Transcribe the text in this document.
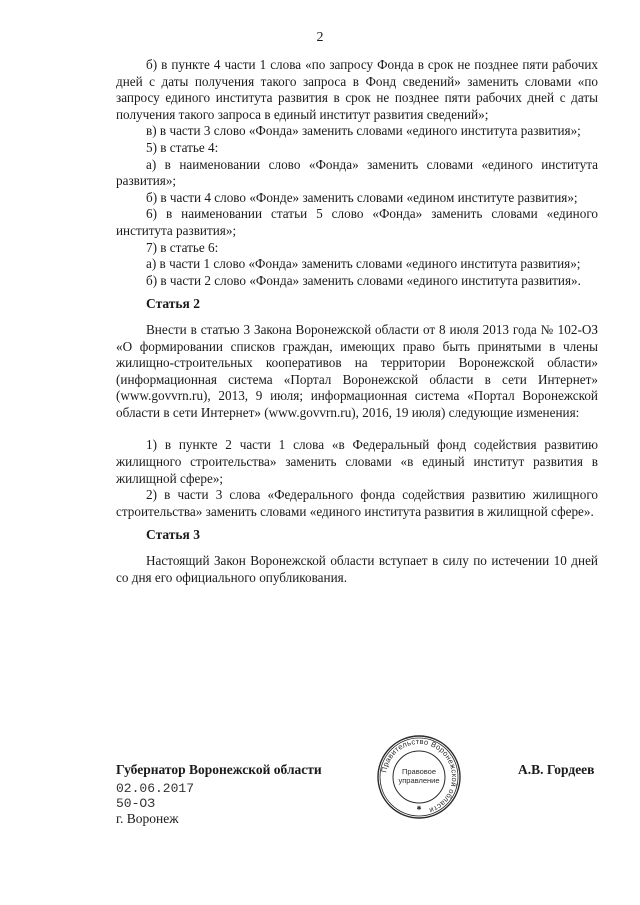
2

б) в пункте 4 части 1 слова «по запросу Фонда в срок не позднее пяти рабочих дней с даты получения такого запроса в Фонд сведений» заменить словами «по запросу единого института развития в срок не позднее пяти рабочих дней с даты получения такого запроса в единый институт развития сведений»;

в) в части 3 слово «Фонда» заменить словами «единого института развития»;

5) в статье 4:

а) в наименовании слово «Фонда» заменить словами «единого института развития»;

б) в части 4 слово «Фонде» заменить словами «едином институте развития»;

6) в наименовании статьи 5 слово «Фонда» заменить словами «единого института развития»;

7) в статье 6:

а) в части 1 слово «Фонда» заменить словами «единого института развития»;

б) в части 2 слово «Фонда» заменить словами «единого института развития».

Статья 2

Внести в статью 3 Закона Воронежской области от 8 июля 2013 года № 102-ОЗ «О формировании списков граждан, имеющих право быть принятыми в члены жилищно-строительных кооперативов на территории Воронежской области» (информационная система «Портал Воронежской области в сети Интернет» (www.govvrn.ru), 2013, 9 июля; информационная система «Портал Воронежской области в сети Интернет» (www.govvrn.ru), 2016, 19 июля) следующие изменения:

1) в пункте 2 части 1 слова «в Федеральный фонд содействия развитию жилищного строительства» заменить словами «в единый институт развития в жилищной сфере»;

2) в части 3 слова «Федерального фонда содействия развитию жилищного строительства» заменить словами «единого института развития в жилищной сфере».

Статья 3

Настоящий Закон Воронежской области вступает в силу по истечении 10 дней со дня его официального опубликования.

Губернатор Воронежской области	А.В. Гордеев
02.06.2017
50-ОЗ
г. Воронеж
Правительство Воронежской области
Правовое
управление
✱
